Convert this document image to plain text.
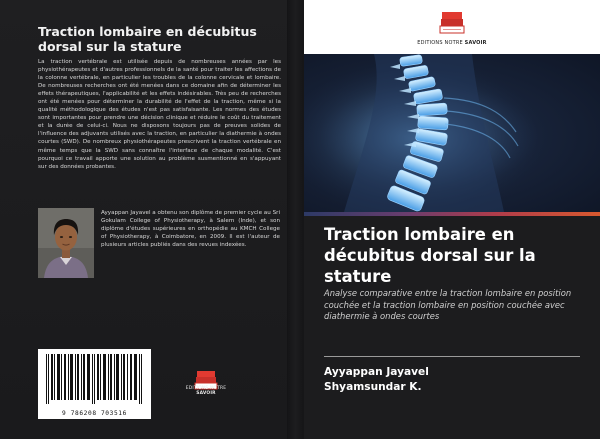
Traction lombaire en décubitus dorsal sur la stature
La traction vertébrale est utilisée depuis de nombreuses années par les physiothérapeutes et d'autres professionnels de la santé pour traiter les affections de la colonne vertébrale, en particulier les troubles de la colonne cervicale et lombaire. De nombreuses recherches ont été menées dans ce domaine afin de déterminer les effets thérapeutiques, l'applicabilité et les effets indésirables. Très peu de recherches ont été menées pour déterminer la durabilité de l'effet de la traction, même si la qualité méthodologique des études n'est pas satisfaisante. Les normes des études sont importantes pour prendre une décision clinique et réduire le coût du traitement et la durée de celui-ci. Nous ne disposons toujours pas de preuves solides de l'influence des adjuvants utilisés avec la traction, en particulier la diathermie à ondes courtes (SWD). De nombreux physiothérapeutes prescrivent la traction vertébrale en même temps que la SWD sans connaître l'interface de chaque modalité. C'est pourquoi ce travail apporte une solution au problème susmentionné en s'appuyant sur des données probantes.
Ayyappan Jayavel a obtenu son diplôme de premier cycle au Sri Gokulam College of Physiotherapy, à Salem (Inde), et son diplôme d'études supérieures en orthopédie au KMCH College of Physiotherapy, à Coimbatore, en 2009. Il est l'auteur de plusieurs articles publiés dans des revues indexées.
9 786208 703516
EDITIONS NOTRE SAVOIR
EDITIONS NOTRE SAVOIR
Traction lombaire en décubitus dorsal sur la stature
Analyse comparative entre la traction lombaire en position couchée et la traction lombaire en position couchée avec diathermie à ondes courtes
Ayyappan Jayavel
Shyamsundar K.
